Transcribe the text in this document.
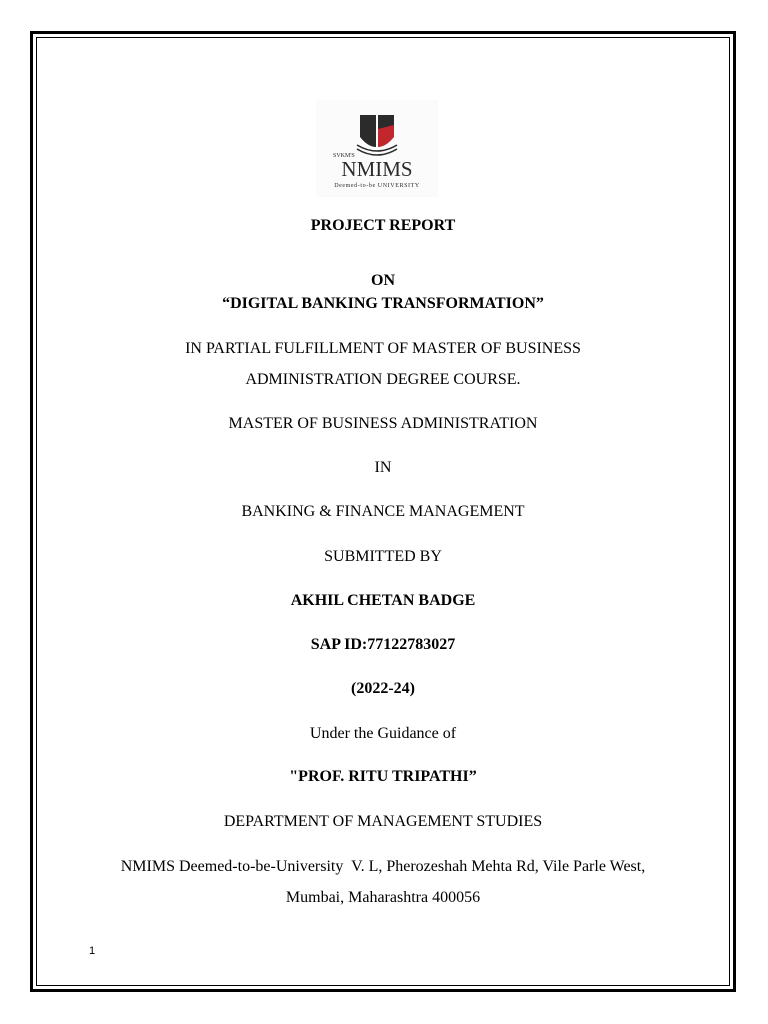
SVKM'S
NMIMS
Deemed-to-be UNIVERSITY
PROJECT REPORT
ON
“DIGITAL BANKING TRANSFORMATION”
IN PARTIAL FULFILLMENT OF MASTER OF BUSINESS
ADMINISTRATION DEGREE COURSE.
MASTER OF BUSINESS ADMINISTRATION
IN
BANKING & FINANCE MANAGEMENT
SUBMITTED BY
AKHIL CHETAN BADGE
SAP ID:77122783027
(2022-24)
Under the Guidance of
"PROF. RITU TRIPATHI”
DEPARTMENT OF MANAGEMENT STUDIES
NMIMS Deemed-to-be-University  V. L, Pherozeshah Mehta Rd, Vile Parle West,
Mumbai, Maharashtra 400056
1
